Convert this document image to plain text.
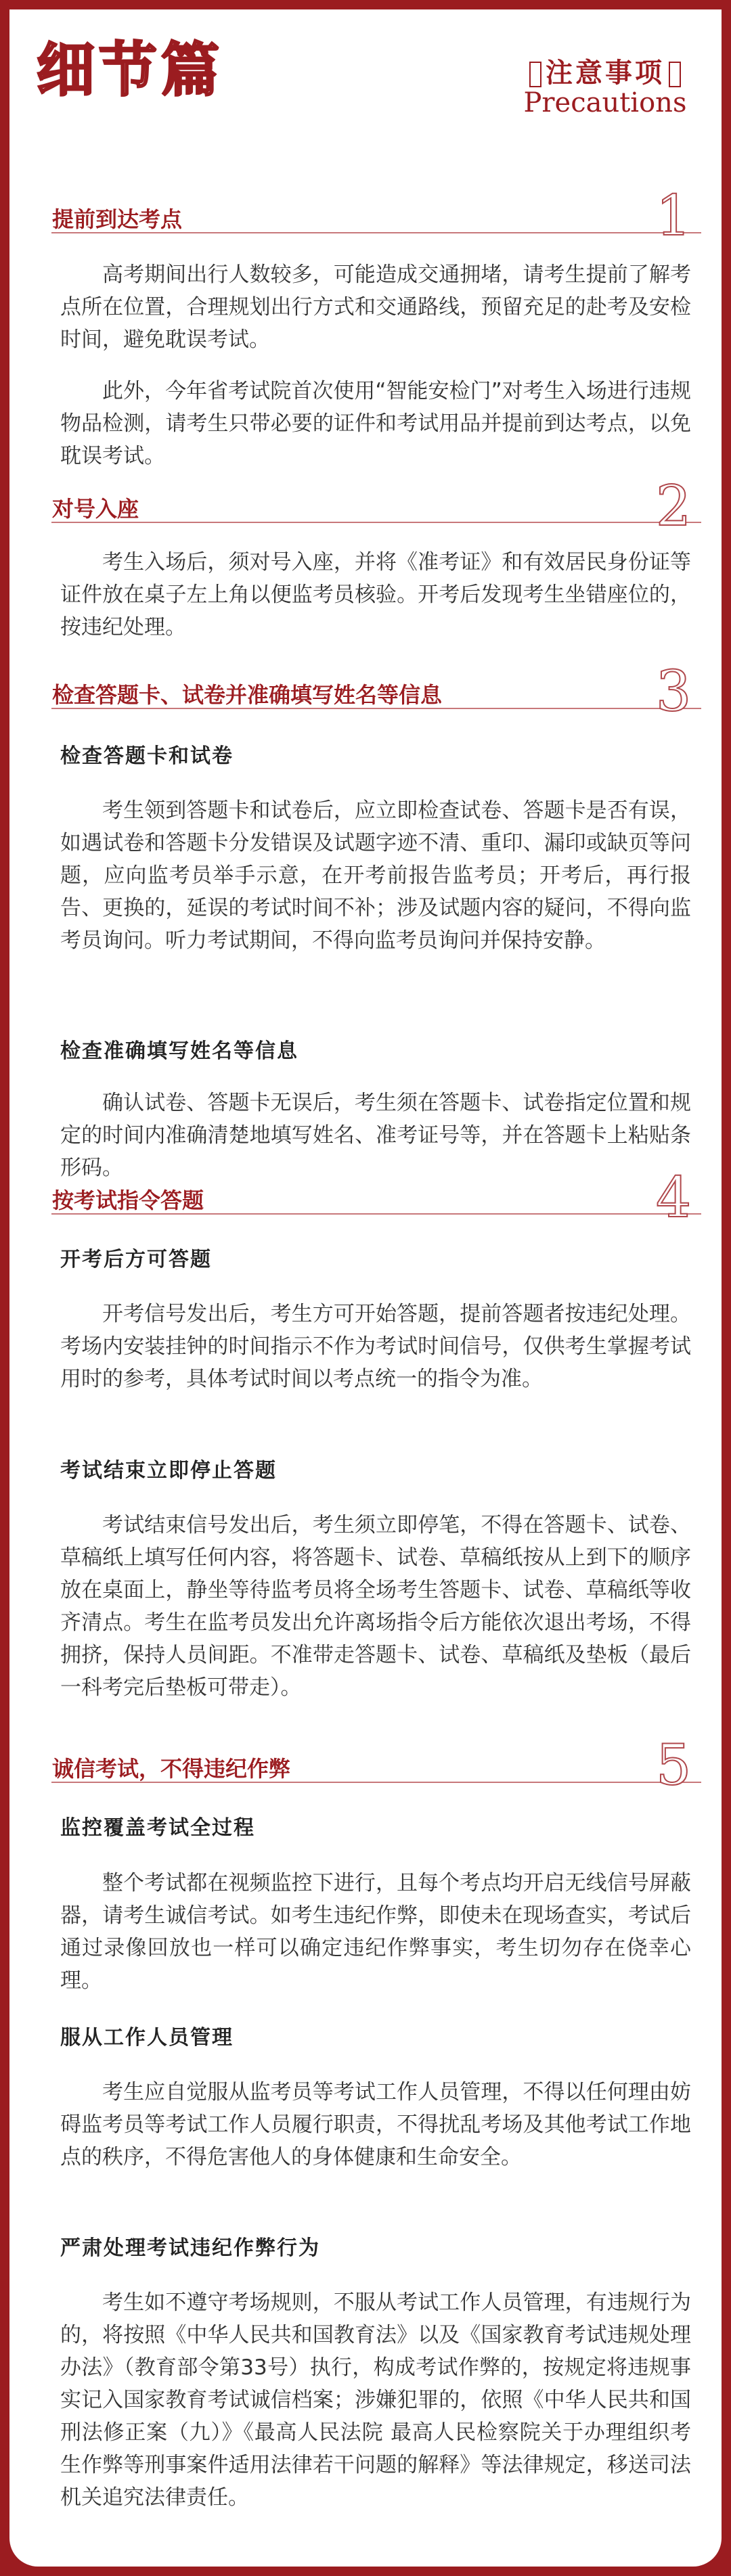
细节篇	注意事项
Precautions
提前到达考点	1

高考期间出行人数较多，可能造成交通拥堵，请考生提前了解考点所在位置，合理规划出行方式和交通路线，预留充足的赴考及安检时间，避免耽误考试。

此外，今年省考试院首次使用“智能安检门”对考生入场进行违规物品检测，请考生只带必要的证件和考试用品并提前到达考点，以免耽误考试。

对号入座	2

考生入场后，须对号入座，并将《准考证》和有效居民身份证等证件放在桌子左上角以便监考员核验。开考后发现考生坐错座位的，按违纪处理。

检查答题卡、试卷并准确填写姓名等信息	3
检查答题卡和试卷

考生领到答题卡和试卷后，应立即检查试卷、答题卡是否有误，如遇试卷和答题卡分发错误及试题字迹不清、重印、漏印或缺页等问题，应向监考员举手示意，在开考前报告监考员；开考后，再行报告、更换的，延误的考试时间不补；涉及试题内容的疑问，不得向监考员询问。听力考试期间，不得向监考员询问并保持安静。

检查准确填写姓名等信息

确认试卷、答题卡无误后，考生须在答题卡、试卷指定位置和规定的时间内准确清楚地填写姓名、准考证号等，并在答题卡上粘贴条形码。

按考试指令答题	4
开考后方可答题

开考信号发出后，考生方可开始答题，提前答题者按违纪处理。考场内安装挂钟的时间指示不作为考试时间信号，仅供考生掌握考试用时的参考，具体考试时间以考点统一的指令为准。

考试结束立即停止答题

考试结束信号发出后，考生须立即停笔，不得在答题卡、试卷、草稿纸上填写任何内容，将答题卡、试卷、草稿纸按从上到下的顺序放在桌面上，静坐等待监考员将全场考生答题卡、试卷、草稿纸等收齐清点。考生在监考员发出允许离场指令后方能依次退出考场，不得拥挤，保持人员间距。不准带走答题卡、试卷、草稿纸及垫板（最后一科考完后垫板可带走）。

诚信考试，不得违纪作弊	5
监控覆盖考试全过程

整个考试都在视频监控下进行，且每个考点均开启无线信号屏蔽器，请考生诚信考试。如考生违纪作弊，即使未在现场查实，考试后通过录像回放也一样可以确定违纪作弊事实，考生切勿存在侥幸心理。

服从工作人员管理

考生应自觉服从监考员等考试工作人员管理，不得以任何理由妨碍监考员等考试工作人员履行职责，不得扰乱考场及其他考试工作地点的秩序，不得危害他人的身体健康和生命安全。

严肃处理考试违纪作弊行为

考生如不遵守考场规则，不服从考试工作人员管理，有违规行为的，将按照《中华人民共和国教育法》以及《国家教育考试违规处理办法》（教育部令第33号）执行，构成考试作弊的，按规定将违规事实记入国家教育考试诚信档案；涉嫌犯罪的，依照《中华人民共和国刑法修正案（九）》《最高人民法院 最高人民检察院关于办理组织考生作弊等刑事案件适用法律若干问题的解释》等法律规定，移送司法机关追究法律责任。
